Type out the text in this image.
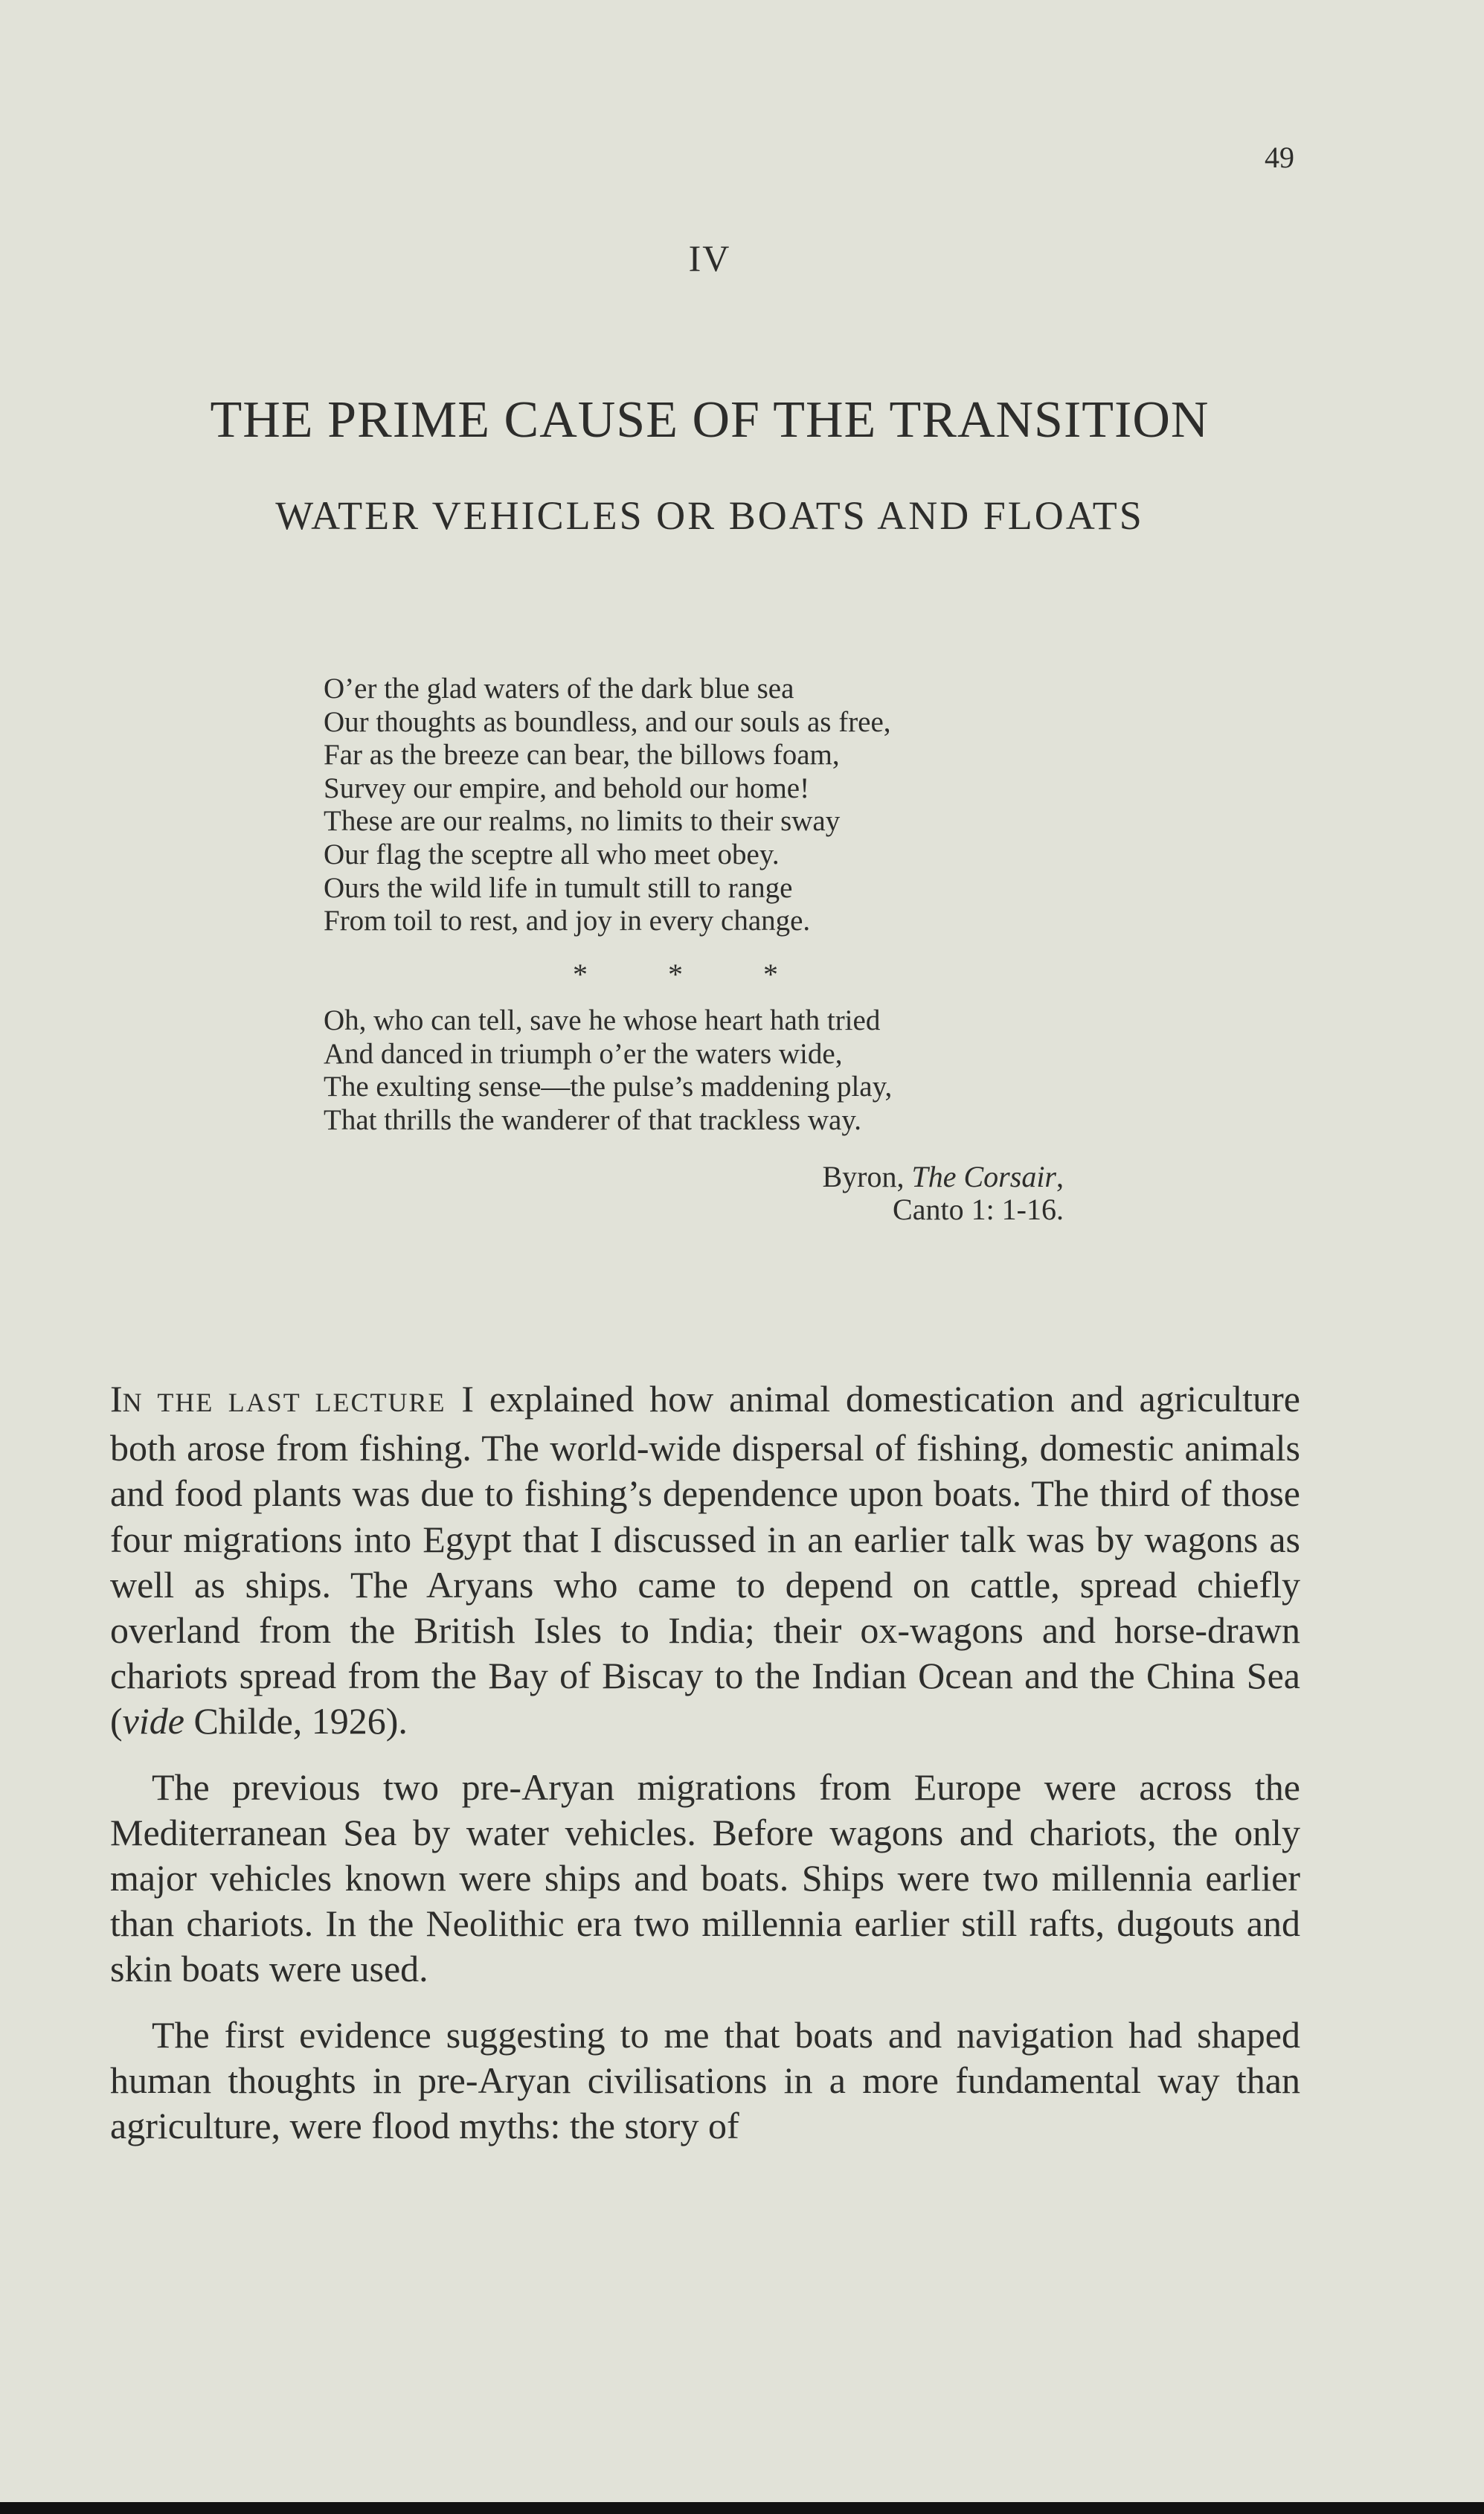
49
IV
THE PRIME CAUSE OF THE TRANSITION
WATER VEHICLES OR BOATS AND FLOATS
O’er the glad waters of the dark blue sea
Our thoughts as boundless, and our souls as free,
Far as the breeze can bear, the billows foam,
Survey our empire, and behold our home!
These are our realms, no limits to their sway
Our flag the sceptre all who meet obey.
Ours the wild life in tumult still to range
From toil to rest, and joy in every change.
*	*	*
Oh, who can tell, save he whose heart hath tried
And danced in triumph o’er the waters wide,
The exulting sense—the pulse’s maddening play,
That thrills the wanderer of that trackless way.
Byron, The Corsair,
Canto 1: 1-16.

IN THE LAST LECTURE I explained how animal domestication and agriculture both arose from fishing. The world-wide dispersal of fishing, domestic animals and food plants was due to fishing’s dependence upon boats. The third of those four migrations into Egypt that I discussed in an earlier talk was by wagons as well as ships. The Aryans who came to depend on cattle, spread chiefly overland from the British Isles to India; their ox-wagons and horse-drawn chariots spread from the Bay of Biscay to the Indian Ocean and the China Sea (vide Childe, 1926).

The previous two pre-Aryan migrations from Europe were across the Mediterranean Sea by water vehicles. Before wagons and chariots, the only major vehicles known were ships and boats. Ships were two millennia earlier than chariots. In the Neolithic era two millennia earlier still rafts, dugouts and skin boats were used.

The first evidence suggesting to me that boats and navigation had shaped human thoughts in pre-Aryan civilisations in a more fundamental way than agriculture, were flood myths: the story of
